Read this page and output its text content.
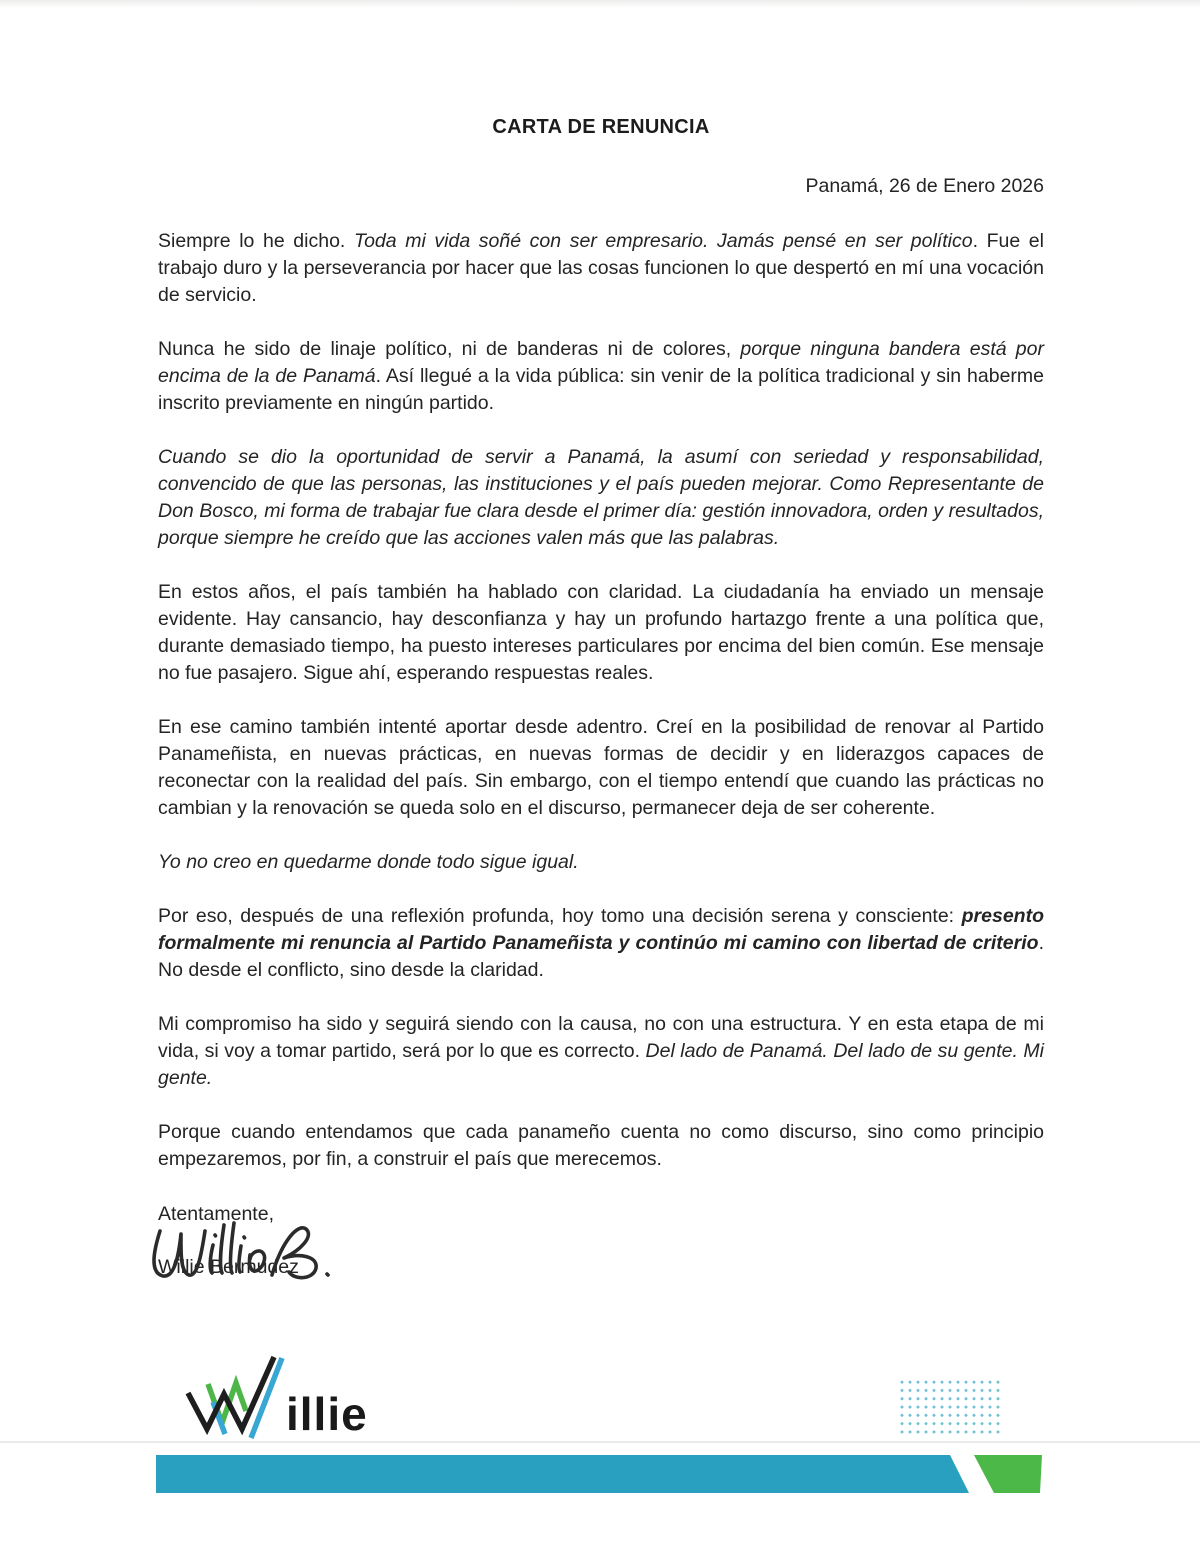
CARTA DE RENUNCIA
Panamá, 26 de Enero 2026

Siempre lo he dicho. Toda mi vida soñé con ser empresario. Jamás pensé en ser político. Fue el trabajo duro y la perseverancia por hacer que las cosas funcionen lo que despertó en mí una vocación de servicio.

Nunca he sido de linaje político, ni de banderas ni de colores, porque ninguna bandera está por encima de la de Panamá. Así llegué a la vida pública: sin venir de la política tradicional y sin haberme inscrito previamente en ningún partido.

Cuando se dio la oportunidad de servir a Panamá, la asumí con seriedad y responsabilidad, convencido de que las personas, las instituciones y el país pueden mejorar. Como Representante de Don Bosco, mi forma de trabajar fue clara desde el primer día: gestión innovadora, orden y resultados, porque siempre he creído que las acciones valen más que las palabras.

En estos años, el país también ha hablado con claridad. La ciudadanía ha enviado un mensaje evidente. Hay cansancio, hay desconfianza y hay un profundo hartazgo frente a una política que, durante demasiado tiempo, ha puesto intereses particulares por encima del bien común. Ese mensaje no fue pasajero. Sigue ahí, esperando respuestas reales.

En ese camino también intenté aportar desde adentro. Creí en la posibilidad de renovar al Partido Panameñista, en nuevas prácticas, en nuevas formas de decidir y en liderazgos capaces de reconectar con la realidad del país. Sin embargo, con el tiempo entendí que cuando las prácticas no cambian y la renovación se queda solo en el discurso, permanecer deja de ser coherente.

Yo no creo en quedarme donde todo sigue igual.

Por eso, después de una reflexión profunda, hoy tomo una decisión serena y consciente: presento formalmente mi renuncia al Partido Panameñista y continúo mi camino con libertad de criterio. No desde el conflicto, sino desde la claridad.

Mi compromiso ha sido y seguirá siendo con la causa, no con una estructura. Y en esta etapa de mi vida, si voy a tomar partido, será por lo que es correcto. Del lado de Panamá. Del lado de su gente. Mi gente.

Porque cuando entendamos que cada panameño cuenta no como discurso, sino como principio empezaremos, por fin, a construir el país que merecemos.

Atentamente,
Willie Bermudez
illie
